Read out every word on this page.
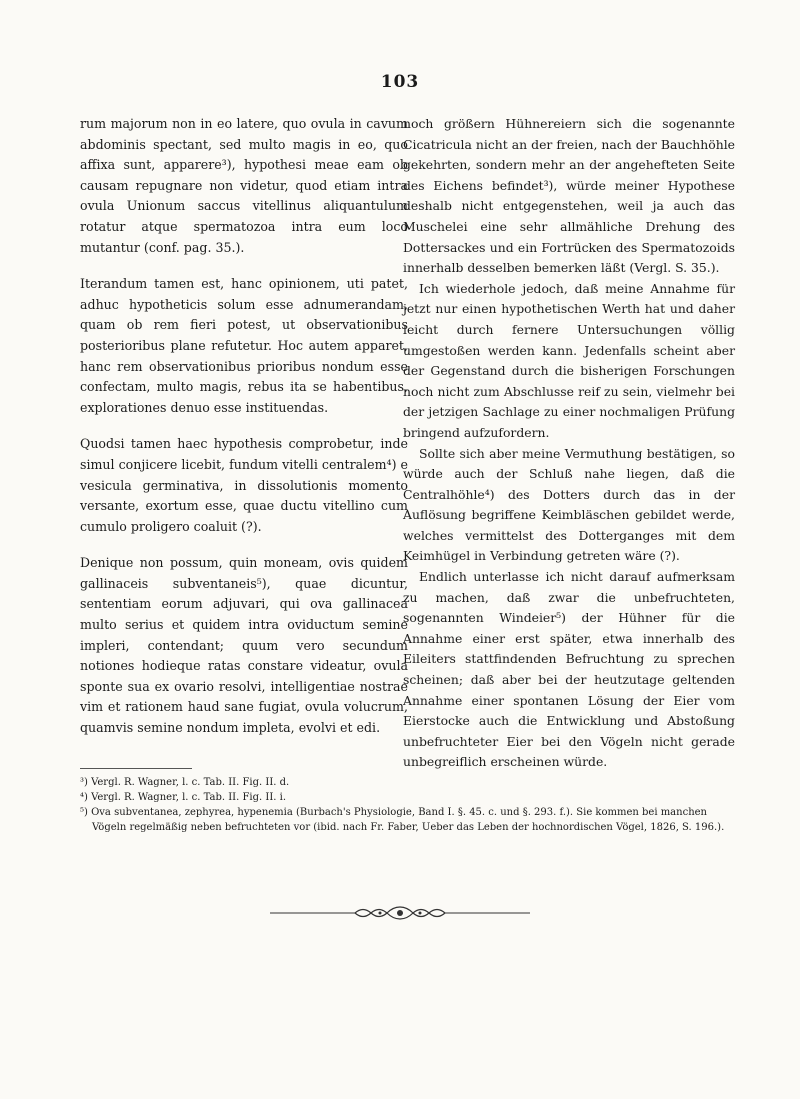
103

rum majorum non in eo latere, quo ovula in cavum abdominis spectant, sed multo magis in eo, quo affixa sunt, apparere³), hypothesi meae eam ob causam repugnare non videtur, quod etiam intra ovula Unionum saccus vitellinus aliquantulum rotatur atque spermatozoa intra eum loco mutantur (conf. pag. 35.).

Iterandum tamen est, hanc opinionem, uti patet, adhuc hypotheticis solum esse adnumerandam, quam ob rem fieri potest, ut observationibus posterioribus plane refutetur. Hoc autem apparet, hanc rem observationibus prioribus nondum esse confectam, multo magis, rebus ita se habentibus, explorationes denuo esse instituendas.

Quodsi tamen haec hypothesis comprobetur, inde simul conjicere licebit, fundum vitelli centralem⁴) e vesicula germinativa, in dissolutionis momento versante, exortum esse, quae ductu vitellino cum cumulo proligero coaluit (?).

Denique non possum, quin moneam, ovis quidem gallinaceis subventaneis⁵), quae dicuntur, sententiam eorum adjuvari, qui ova gallinacea multo serius et quidem intra oviductum semine impleri, contendant; quum vero secundum notiones hodieque ratas constare videatur, ovula sponte sua ex ovario resolvi, intelligentiae nostrae vim et rationem haud sane fugiat, ovula volucrum, quamvis semine nondum impleta, evolvi et edi.

noch größern Hühnereiern sich die sogenannte Cicatricula nicht an der freien, nach der Bauchhöhle gekehrten, sondern mehr an der angehefteten Seite des Eichens befindet³), würde meiner Hypothese deshalb nicht entgegenstehen, weil ja auch das Muschelei eine sehr allmähliche Drehung des Dottersackes und ein Fortrücken des Spermatozoids innerhalb desselben bemerken läßt (Vergl. S. 35.).

Ich wiederhole jedoch, daß meine Annahme für jetzt nur einen hypothetischen Werth hat und daher leicht durch fernere Untersuchungen völlig umgestoßen werden kann. Jedenfalls scheint aber der Gegenstand durch die bisherigen Forschungen noch nicht zum Abschlusse reif zu sein, vielmehr bei der jetzigen Sachlage zu einer nochmaligen Prüfung bringend aufzufordern.

Sollte sich aber meine Vermuthung bestätigen, so würde auch der Schluß nahe liegen, daß die Centralhöhle⁴) des Dotters durch das in der Auflösung begriffene Keimbläschen gebildet werde, welches vermittelst des Dotterganges mit dem Keimhügel in Verbindung getreten wäre (?).

Endlich unterlasse ich nicht darauf aufmerksam zu machen, daß zwar die unbefruchteten, sogenannten Windeier⁵) der Hühner für die Annahme einer erst später, etwa innerhalb des Eileiters stattfindenden Befruchtung zu sprechen scheinen; daß aber bei der heutzutage geltenden Annahme einer spontanen Lösung der Eier vom Eierstocke auch die Entwicklung und Abstoßung unbefruchteter Eier bei den Vögeln nicht gerade unbegreiflich erscheinen würde.

³) Vergl. R. Wagner, l. c. Tab. II. Fig. II. d.
⁴) Vergl. R. Wagner, l. c. Tab. II. Fig. II. i.
⁵) Ova subventanea, zephyrea, hypenemia (Burbach's Physiologie, Band I. §. 45. c. und §. 293. f.). Sie kommen bei manchen Vögeln regelmäßig neben befruchteten vor (ibid. nach Fr. Faber, Ueber das Leben der hochnordischen Vögel, 1826, S. 196.).
